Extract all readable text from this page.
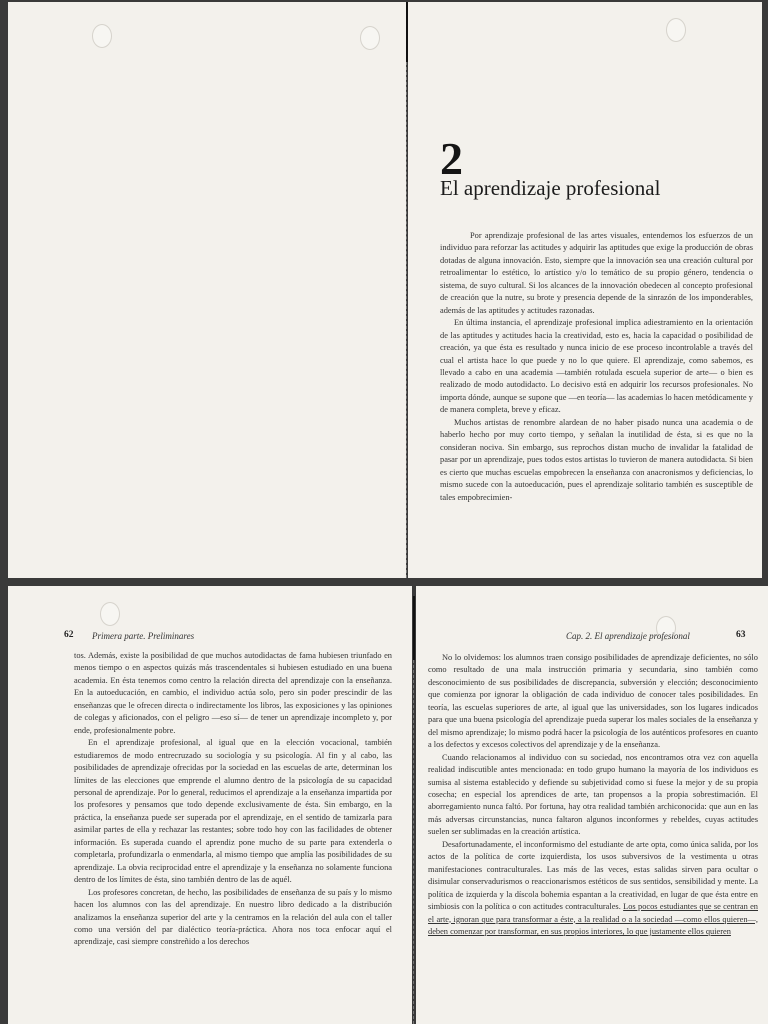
2
El aprendizaje profesional

Por aprendizaje profesional de las artes visuales, entendemos los esfuerzos de un individuo para reforzar las actitudes y adquirir las aptitudes que exige la producción de obras dotadas de alguna innovación. Esto, siempre que la innovación sea una creación cultural por retroalimentar lo estético, lo artístico y/o lo temático de su propio género, tendencia o sistema, de suyo cultural. Si los alcances de la innovación obedecen al concepto profesional de creación que la nutre, su brote y presencia depende de la sinrazón de los imponderables, además de las aptitudes y actitudes razonadas.

En última instancia, el aprendizaje profesional implica adiestramiento en la orientación de las aptitudes y actitudes hacia la creatividad, esto es, hacia la capacidad o posibilidad de creación, ya que ésta es resultado y nunca inicio de ese proceso incontrolable a través del cual el artista hace lo que puede y no lo que quiere. El aprendizaje, como sabemos, es llevado a cabo en una academia —también rotulada escuela superior de arte— o bien es realizado de modo autodidacto. Lo decisivo está en adquirir los recursos profesionales. No importa dónde, aunque se supone que —en teoría— las academias lo hacen metódicamente y de manera completa, breve y eficaz.

Muchos artistas de renombre alardean de no haber pisado nunca una academia o de haberlo hecho por muy corto tiempo, y señalan la inutilidad de ésta, si es que no la consideran nociva. Sin embargo, sus reprochos distan mucho de invalidar la fatalidad de pasar por un aprendizaje, pues todos estos artistas lo tuvieron de manera autodidacta. Si bien es cierto que muchas escuelas empobrecen la enseñanza con anacronismos y deficiencias, lo mismo sucede con la autoeducación, pues el aprendizaje solitario también es susceptible de tales empobrecimien-

62 Primera parte. Preliminares

tos. Además, existe la posibilidad de que muchos autodidactas de fama hubiesen triunfado en menos tiempo o en aspectos quizás más trascendentales si hubiesen estudiado en una buena academia. En ésta tenemos como centro la relación directa del aprendizaje con la enseñanza. En la autoeducación, en cambio, el individuo actúa solo, pero sin poder prescindir de las enseñanzas que le ofrecen directa o indirectamente los libros, las exposiciones y las opiniones de colegas y aficionados, con el peligro —eso sí— de tener un aprendizaje incompleto y, por ende, profesionalmente pobre.

En el aprendizaje profesional, al igual que en la elección vocacional, también estudiaremos de modo entrecruzado su sociología y su psicología. Al fin y al cabo, las posibilidades de aprendizaje ofrecidas por la sociedad en las escuelas de arte, determinan los límites de las elecciones que emprende el alumno dentro de la psicología de su capacidad personal de aprendizaje. Por lo general, reducimos el aprendizaje a la enseñanza impartida por los profesores y pensamos que todo depende exclusivamente de ésta. Sin embargo, en la práctica, la enseñanza puede ser superada por el aprendizaje, en el sentido de tamizarla para asimilar partes de ella y rechazar las restantes; sobre todo hoy con las facilidades de obtener información. Es superada cuando el aprendiz pone mucho de su parte para extenderla o completarla, profundizarla o enmendarla, al mismo tiempo que amplía las posibilidades de su aprendizaje. La obvia reciprocidad entre el aprendizaje y la enseñanza no solamente funciona dentro de los límites de ésta, sino también dentro de las de aquél.

Los profesores concretan, de hecho, las posibilidades de enseñanza de su país y lo mismo hacen los alumnos con las del aprendizaje. En nuestro libro dedicado a la distribución analizamos la enseñanza superior del arte y la centramos en la relación del aula con el taller como una versión del par dialéctico teoría-práctica. Ahora nos toca enfocar aquí el aprendizaje, casi siempre constreñido a los derechos

Cap. 2. El aprendizaje profesional	63

No lo olvidemos: los alumnos traen consigo posibilidades de aprendizaje deficientes, no sólo como resultado de una mala instrucción primaria y secundaria, sino también como desconocimiento de sus posibilidades de discrepancia, subversión y elección; desconocimiento que comienza por ignorar la obligación de cada individuo de conocer tales posibilidades. En teoría, las escuelas superiores de arte, al igual que las universidades, son los lugares indicados para que una buena psicología del aprendizaje pueda superar los males sociales de la enseñanza y del mismo aprendizaje; lo mismo podrá hacer la psicología de los auténticos profesores en cuanto a los defectos y excesos colectivos del aprendizaje y de la enseñanza.

Cuando relacionamos al individuo con su sociedad, nos encontramos otra vez con aquella realidad indiscutible antes mencionada: en todo grupo humano la mayoría de los individuos es sumisa al sistema establecido y defiende su subjetividad como si fuese la mejor y de su propia cosecha; en especial los aprendices de arte, tan propensos a la propia sobrestimación. El aborregamiento nunca faltó. Por fortuna, hay otra realidad también archiconocida: que aun en las más adversas circunstancias, nunca faltaron algunos inconformes y rebeldes, cuyas actitudes suelen ser sublimadas en la creación artística.

Desafortunadamente, el inconformismo del estudiante de arte opta, como única salida, por los actos de la política de corte izquierdista, los usos subversivos de la vestimenta u otras manifestaciones contraculturales. Las más de las veces, estas salidas sirven para ocultar o disimular conservadurismos o reaccionarismos estéticos de sus sentidos, sensibilidad y mente. La política de izquierda y la díscola bohemia espantan a la creatividad, en lugar de que ésta entre en simbiosis con la política o con actitudes contraculturales. Los pocos estudiantes que se centran en el arte, ignoran que para transformar a éste, a la realidad o a la sociedad —como ellos quieren—, deben comenzar por transformar, en sus propios interiores, lo que justamente ellos quieren
